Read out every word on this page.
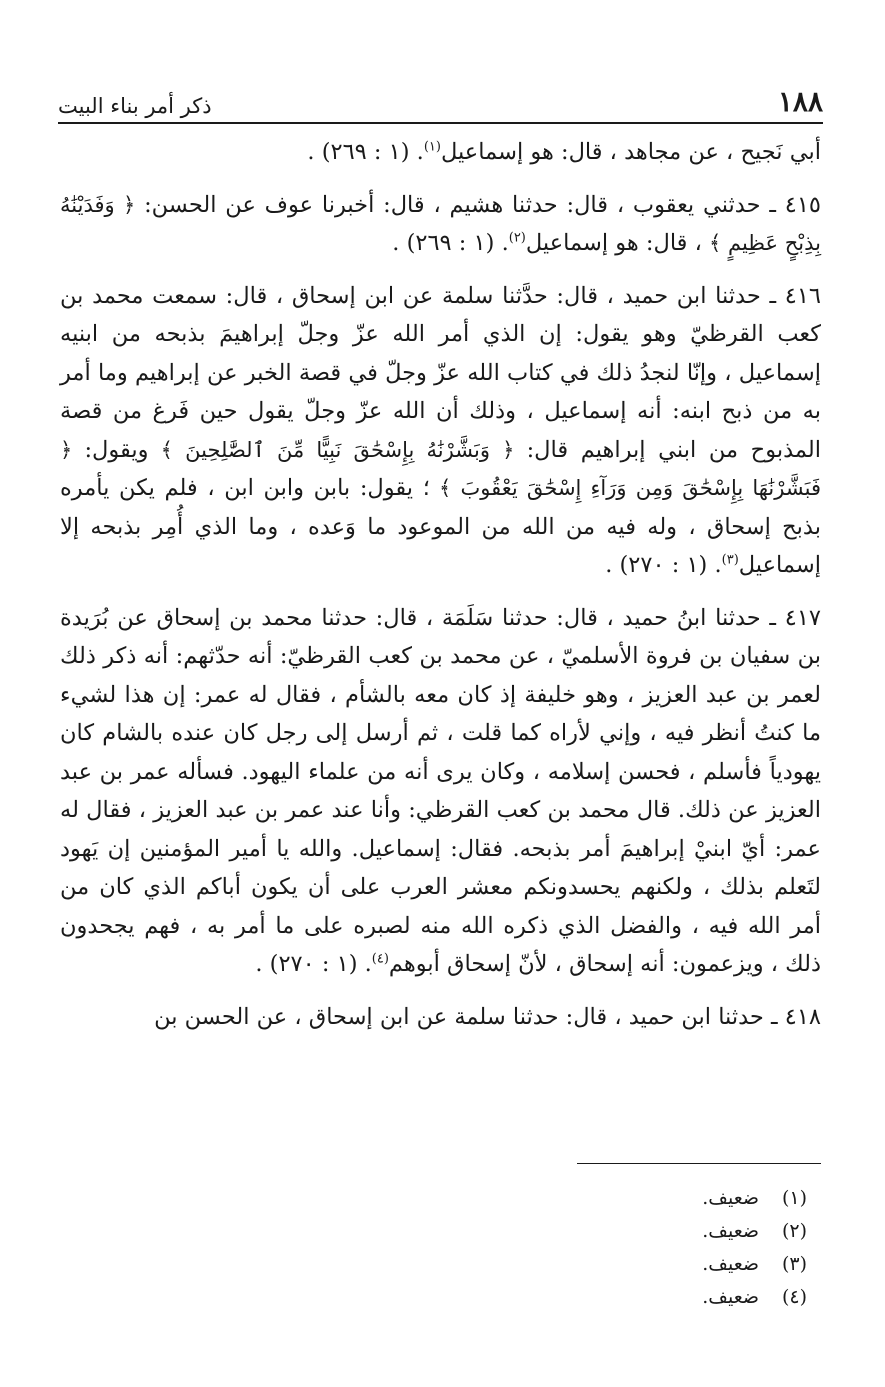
١٨٨
ذكر أمر بناء البيت

أبي نَجيح ، عن مجاهد ، قال: هو إسماعيل$^{(١)}$. (١ : ٢٦٩) .

٤١٥ ـ حدثني يعقوب ، قال: حدثنا هشيم ، قال: أخبرنا عوف عن الحسن: ﴿ وَفَدَيْنَٰهُ بِذِبْحٍ عَظِيمٍ ﴾ ، قال: هو إسماعيل$^{(٢)}$. (١ : ٢٦٩) .

٤١٦ ـ حدثنا ابن حميد ، قال: حدَّثنا سلمة عن ابن إسحاق ، قال: سمعت محمد بن كعب القرظيّ وهو يقول: إن الذي أمر الله عزّ وجلّ إبراهيمَ بذبحه من ابنيه إسماعيل ، وإنّا لنجدُ ذلك في كتاب الله عزّ وجلّ في قصة الخبر عن إبراهيم وما أمر به من ذبح ابنه: أنه إسماعيل ، وذلك أن الله عزّ وجلّ يقول حين فَرغ من قصة المذبوح من ابني إبراهيم قال: ﴿ وَبَشَّرْنَٰهُ بِإِسْحَٰقَ نَبِيًّا مِّنَ ٱلصَّٰلِحِينَ ﴾ ويقول: ﴿ فَبَشَّرْنَٰهَا بِإِسْحَٰقَ وَمِن وَرَآءِ إِسْحَٰقَ يَعْقُوبَ ﴾ ؛ يقول: بابن وابن ابن ، فلم يكن يأمره بذبح إسحاق ، وله فيه من الله من الموعود ما وَعده ، وما الذي أُمِر بذبحه إلا إسماعيل$^{(٣)}$. (١ : ٢٧٠) .

٤١٧ ـ حدثنا ابنُ حميد ، قال: حدثنا سَلَمَة ، قال: حدثنا محمد بن إسحاق عن بُرَيدة بن سفيان بن فروة الأسلميّ ، عن محمد بن كعب القرظيّ: أنه حدّثهم: أنه ذكر ذلك لعمر بن عبد العزيز ، وهو خليفة إذ كان معه بالشأم ، فقال له عمر: إن هذا لشيء ما كنتُ أنظر فيه ، وإني لأراه كما قلت ، ثم أرسل إلى رجل كان عنده بالشام كان يهودياً فأسلم ، فحسن إسلامه ، وكان يرى أنه من علماء اليهود. فسأله عمر بن عبد العزيز عن ذلك. قال محمد بن كعب القرظي: وأنا عند عمر بن عبد العزيز ، فقال له عمر: أيّ ابنيْ إبراهيمَ أمر بذبحه. فقال: إسماعيل. والله يا أمير المؤمنين إن يَهود لتَعلم بذلك ، ولكنهم يحسدونكم معشر العرب على أن يكون أباكم الذي كان من أمر الله فيه ، والفضل الذي ذكره الله منه لصبره على ما أمر به ، فهم يجحدون ذلك ، ويزعمون: أنه إسحاق ، لأنّ إسحاق أبوهم$^{(٤)}$. (١ : ٢٧٠) .

٤١٨ ـ حدثنا ابن حميد ، قال: حدثنا سلمة عن ابن إسحاق ، عن الحسن بن

(١)
ضعيف.
(٢)
ضعيف.
(٣)
ضعيف.
(٤)
ضعيف.
